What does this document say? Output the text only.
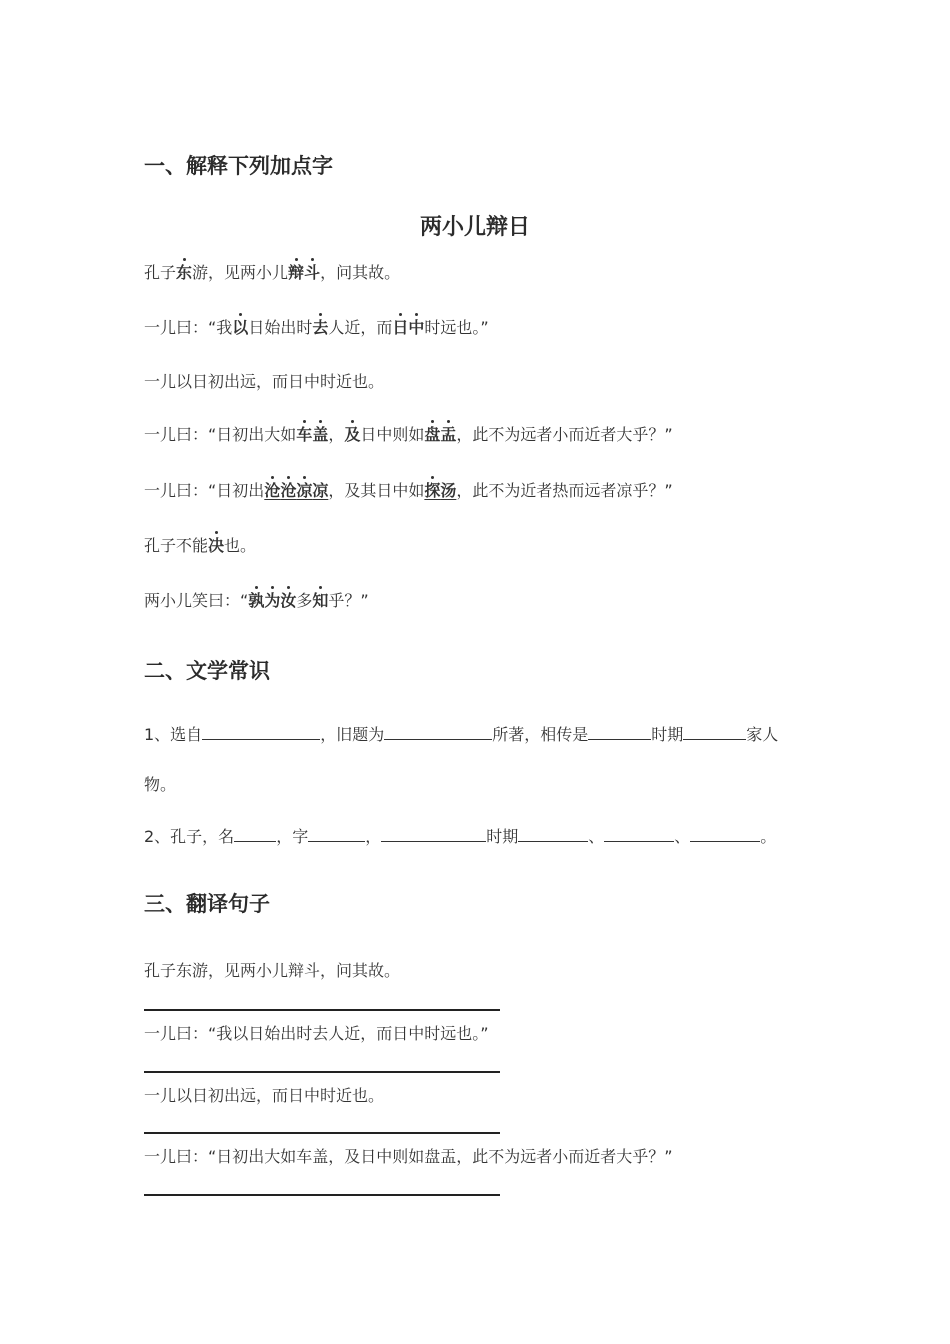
一、解释下列加点字
两小儿辩日
孔子东游，见两小儿辩斗，问其故。
一儿曰：“我以日始出时去人近，而日中时远也。”
一儿以日初出远，而日中时近也。
一儿曰：“日初出大如车盖，及日中则如盘盂，此不为远者小而近者大乎？”
一儿曰：“日初出沧沧凉凉，及其日中如探汤，此不为近者热而远者凉乎？”
孔子不能决也。
两小儿笑曰：“孰为汝多知乎？”
二、文学常识
1、选自	，旧题为	所著，相传是	时期	家人
物。
2、孔子，名	，字	，	时期	、	、	。
三、翻译句子
孔子东游，见两小儿辩斗，问其故。
一儿曰：“我以日始出时去人近，而日中时远也。”
一儿以日初出远，而日中时近也。
一儿曰：“日初出大如车盖，及日中则如盘盂，此不为远者小而近者大乎？”
